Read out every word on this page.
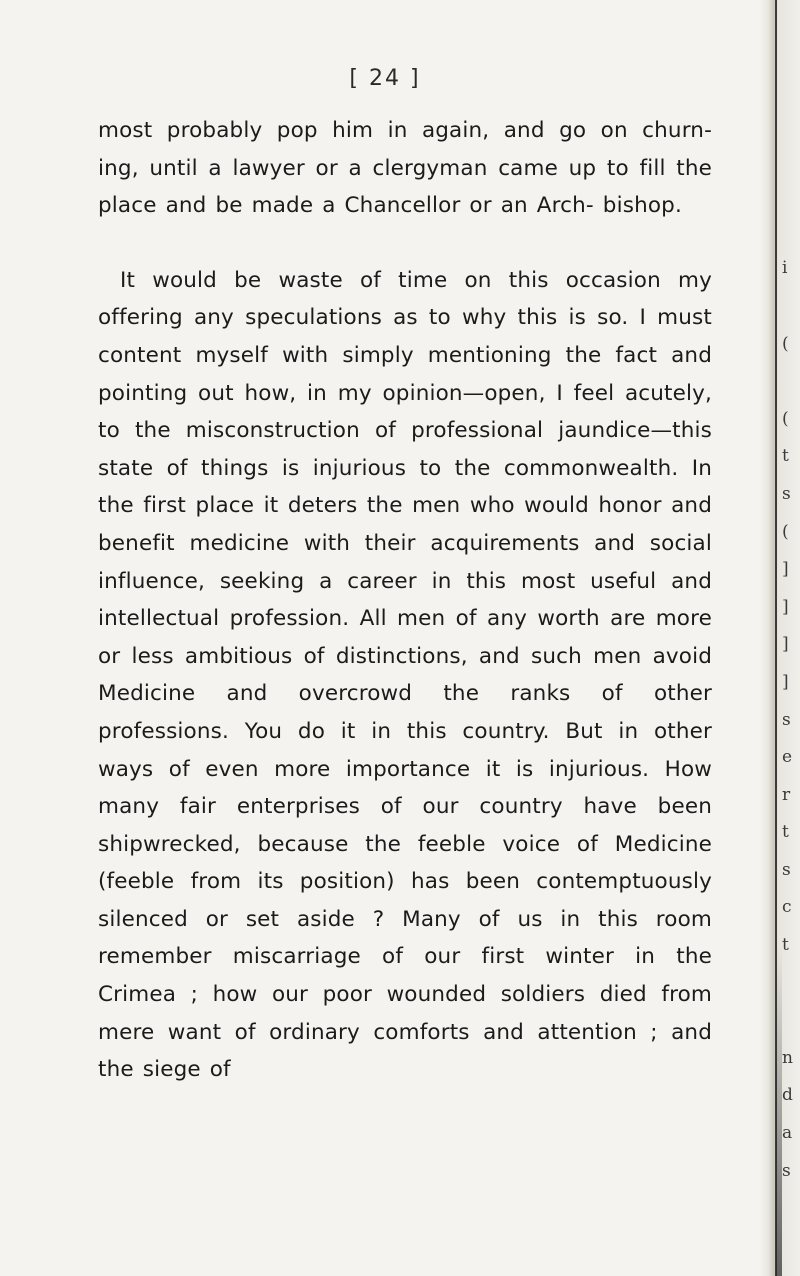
[ 24 ]

most probably pop him in again, and go on churn- ing, until a lawyer or a clergyman came up to fill the place and be made a Chancellor or an Arch- bishop.

It would be waste of time on this occasion my offering any speculations as to why this is so. I must content myself with simply mentioning the fact and pointing out how, in my opinion—open, I feel acutely, to the misconstruction of professional jaundice—this state of things is injurious to the commonwealth. In the first place it deters the men who would honor and benefit medicine with their acquirements and social influence, seeking a career in this most useful and intellectual profession. All men of any worth are more or less ambitious of distinctions, and such men avoid Medicine and overcrowd the ranks of other professions. You do it in this country. But in other ways of even more importance it is injurious. How many fair enterprises of our country have been shipwrecked, because the feeble voice of Medicine (feeble from its position) has been contemptuously silenced or set aside ? Many of us in this room remember miscarriage of our first winter in the Crimea ; how our poor wounded soldiers died from mere want of ordinary comforts and attention ; and the siege of

i

(

(
t
s
(
]
]
]
]
s
e
r
t
s
c
t

n
d
a
s
